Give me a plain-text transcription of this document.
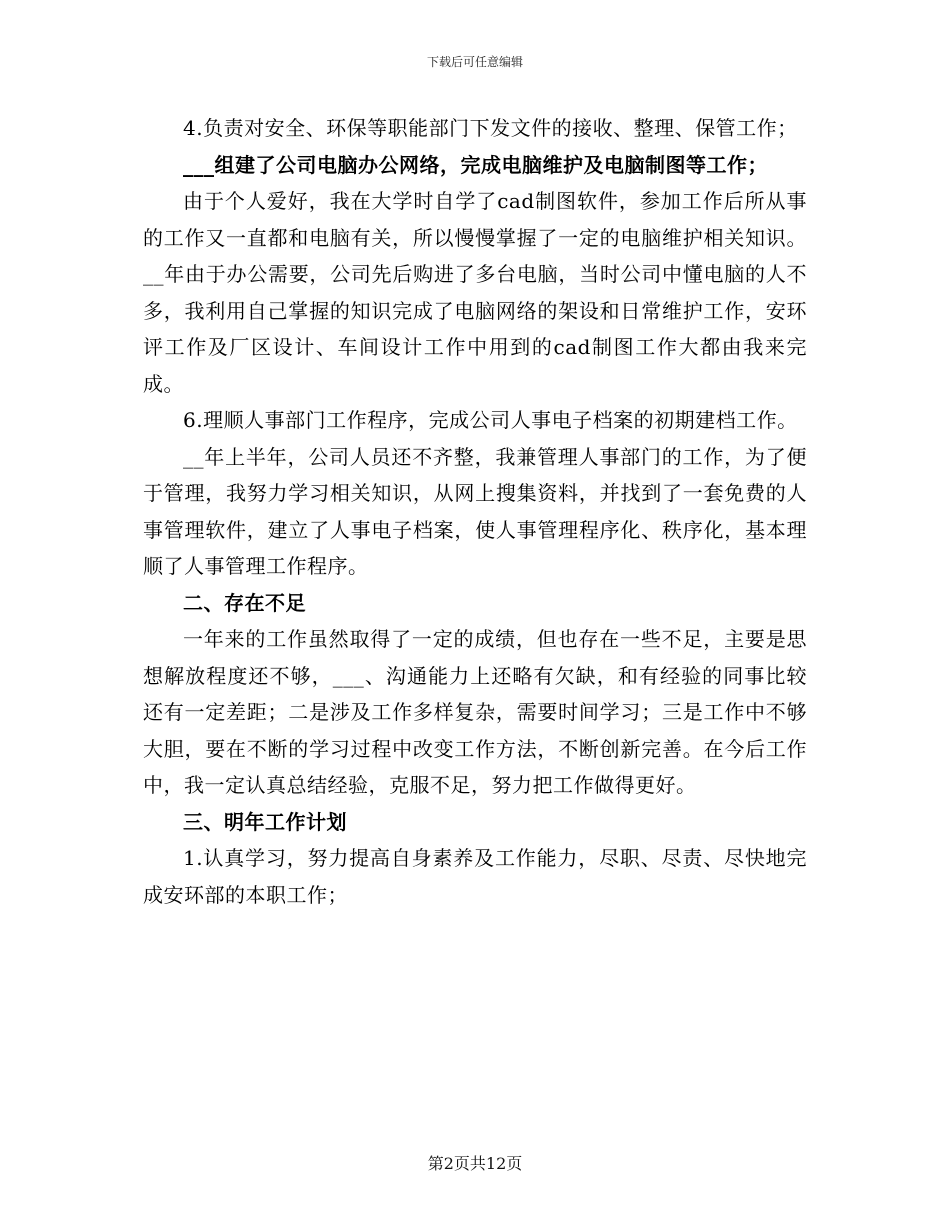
下载后可任意编辑

4.负责对安全、环保等职能部门下发文件的接收、整理、保管工作；

___组建了公司电脑办公网络，完成电脑维护及电脑制图等工作；

由于个人爱好，我在大学时自学了cad制图软件，参加工作后所从事的工作又一直都和电脑有关，所以慢慢掌握了一定的电脑维护相关知识。__年由于办公需要，公司先后购进了多台电脑，当时公司中懂电脑的人不多，我利用自己掌握的知识完成了电脑网络的架设和日常维护工作，安环评工作及厂区设计、车间设计工作中用到的cad制图工作大都由我来完成。

6.理顺人事部门工作程序，完成公司人事电子档案的初期建档工作。

__年上半年，公司人员还不齐整，我兼管理人事部门的工作，为了便于管理，我努力学习相关知识，从网上搜集资料，并找到了一套免费的人事管理软件，建立了人事电子档案，使人事管理程序化、秩序化，基本理顺了人事管理工作程序。

二、存在不足

一年来的工作虽然取得了一定的成绩，但也存在一些不足，主要是思想解放程度还不够，___、沟通能力上还略有欠缺，和有经验的同事比较还有一定差距；二是涉及工作多样复杂，需要时间学习；三是工作中不够大胆，要在不断的学习过程中改变工作方法，不断创新完善。在今后工作中，我一定认真总结经验，克服不足，努力把工作做得更好。

三、明年工作计划

1.认真学习，努力提高自身素养及工作能力，尽职、尽责、尽快地完成安环部的本职工作；

第2页共12页
